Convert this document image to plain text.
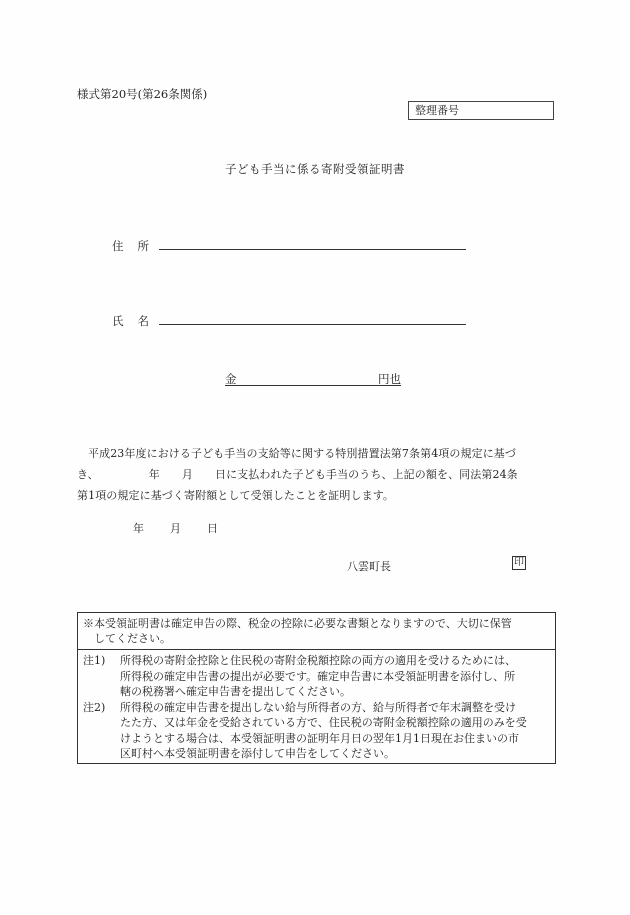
様式第20号(第26条関係)
整理番号
子ども手当に係る寄附受領証明書
住 所
氏 名
金	円也
平成23年度における子ども手当の支給等に関する特別措置法第7条第4項の規定に基づ
き、	年 月 日に支払われた子ども手当のうち、上記の額を、同法第24条
第1項の規定に基づく寄附額として受領したことを証明します。
年 月 日
八雲町長	印
※本受領証明書は確定申告の際、税金の控除に必要な書類となりますので、大切に保管
してください。
注1) 所得税の寄附金控除と住民税の寄附金税額控除の両方の適用を受けるためには、
所得税の確定申告書の提出が必要です。確定申告書に本受領証明書を添付し、所
轄の税務署へ確定申告書を提出してください。
注2) 所得税の確定申告書を提出しない給与所得者の方、給与所得者で年末調整を受け
たた方、又は年金を受給されている方で、住民税の寄附金税額控除の適用のみを受
けようとする場合は、本受領証明書の証明年月日の翌年1月1日現在お住まいの市
区町村へ本受領証明書を添付して申告をしてください。
